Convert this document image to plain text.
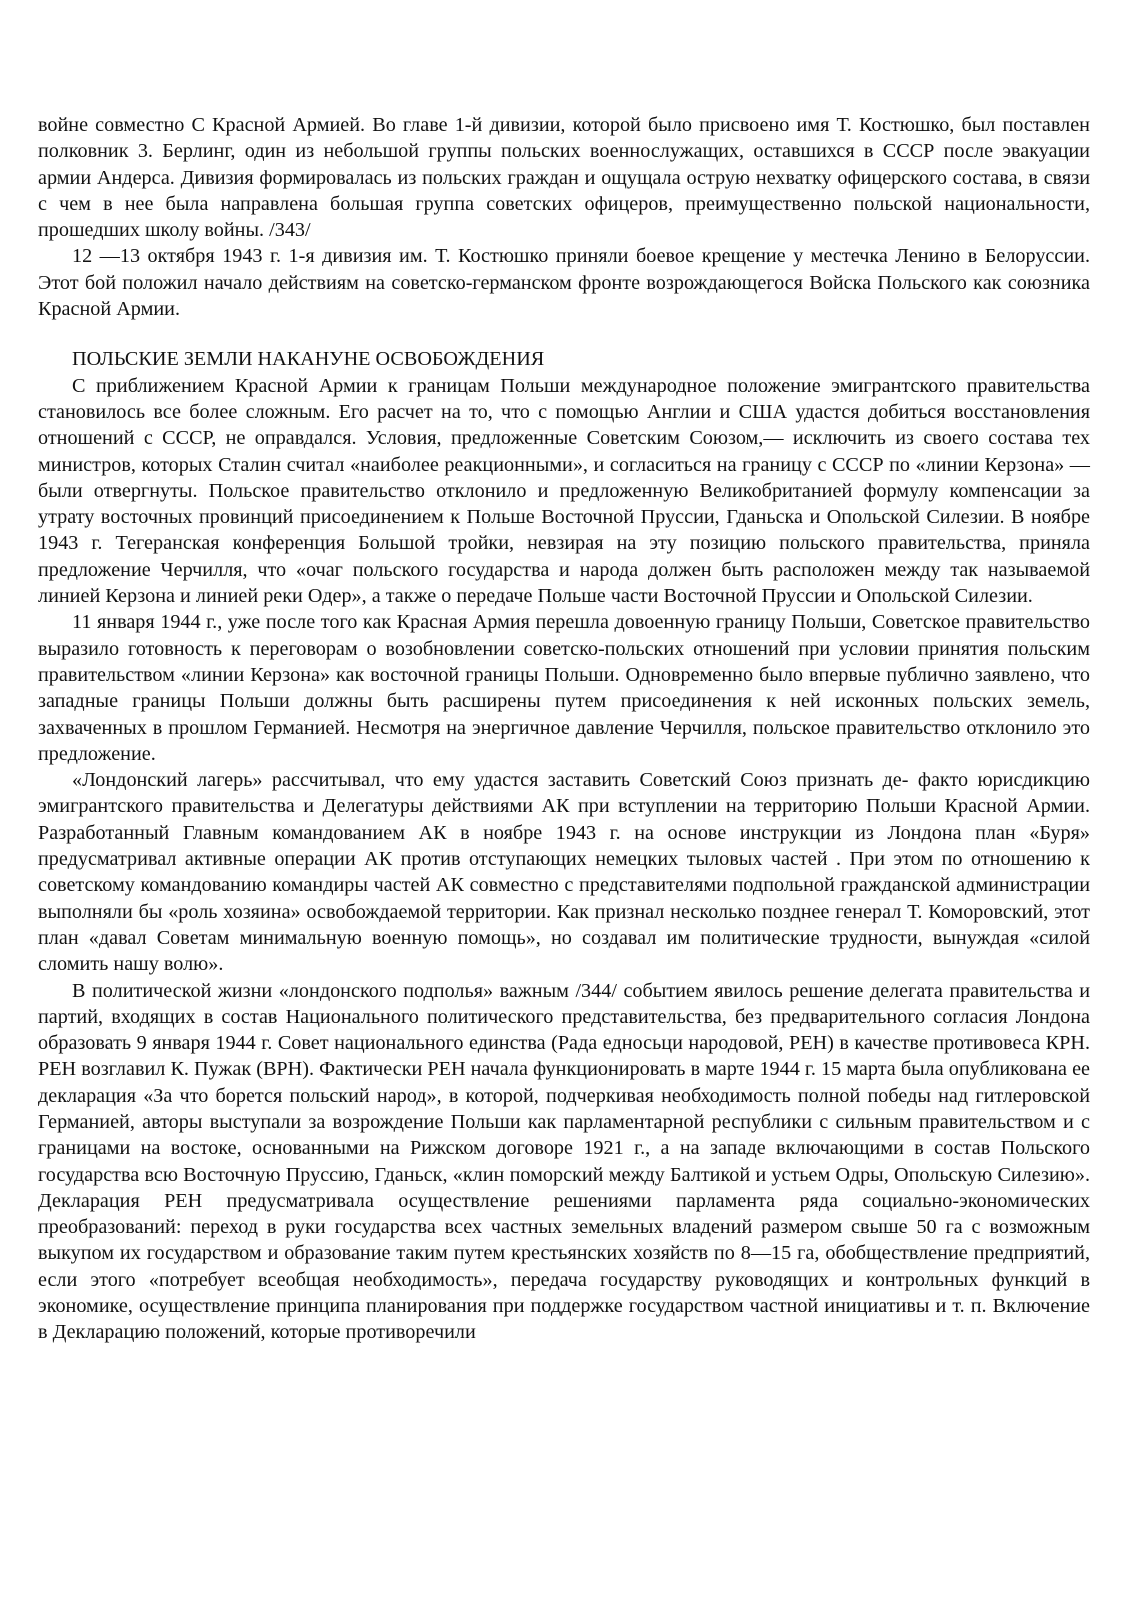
войне совместно С Красной Армией. Во главе 1-й дивизии, которой было присвоено имя Т. Костюшко, был поставлен полковник 3. Берлинг, один из небольшой группы польских военнослужащих, оставшихся в СССР после эвакуации армии Андерса. Дивизия формировалась из польских граждан и ощущала острую нехватку офицерского состава, в связи с чем в нее была направлена большая группа советских офицеров, преимущественно польской национальности, прошедших школу войны. /343/

12 —13 октября 1943 г. 1-я дивизия им. Т. Костюшко приняли боевое крещение у местечка Ленино в Белоруссии. Этот бой положил начало действиям на советско-германском фронте возрождающегося Войска Польского как союзника Красной Армии.

ПОЛЬСКИЕ ЗЕМЛИ НАКАНУНЕ ОСВОБОЖДЕНИЯ

С приближением Красной Армии к границам Польши международное положение эмигрантского правительства становилось все более сложным. Его расчет на то, что с помощью Англии и США удастся добиться восстановления отношений с СССР, не оправдался. Условия, предложенные Советским Союзом,— исключить из своего состава тех министров, которых Сталин считал «наиболее реакционными», и согласиться на границу с СССР по «линии Керзона» — были отвергнуты. Польское правительство отклонило и предложенную Великобританией формулу компенсации за утрату восточных провинций присоединением к Польше Восточной Пруссии, Гданьска и Опольской Силезии. В ноябре 1943 г. Тегеранская конференция Большой тройки, невзирая на эту позицию польского правительства, приняла предложение Черчилля, что «очаг польского государства и народа должен быть расположен между так называемой линией Керзона и линией реки Одер», а также о передаче Польше части Восточной Пруссии и Опольской Силезии.

11 января 1944 г., уже после того как Красная Армия перешла довоенную границу Польши, Советское правительство выразило готовность к переговорам о возобновлении советско-польских отношений при условии принятия польским правительством «линии Керзона» как восточной границы Польши. Одновременно было впервые публично заявлено, что западные границы Польши должны быть расширены путем присоединения к ней исконных польских земель, захваченных в прошлом Германией. Несмотря на энергичное давление Черчилля, польское правительство отклонило это предложение.

«Лондонский лагерь» рассчитывал, что ему удастся заставить Советский Союз признать де- факто юрисдикцию эмигрантского правительства и Делегатуры действиями АК при вступлении на территорию Польши Красной Армии. Разработанный Главным командованием АК в ноябре 1943 г. на основе инструкции из Лондона план «Буря» предусматривал активные операции АК против отступающих немецких тыловых частей . При этом по отношению к советскому командованию командиры частей АК совместно с представителями подпольной гражданской администрации выполняли бы «роль хозяина» освобождаемой территории. Как признал несколько позднее генерал Т. Коморовский, этот план «давал Советам минимальную военную помощь», но создавал им политические трудности, вынуждая «силой сломить нашу волю».

В политической жизни «лондонского подполья» важным /344/ событием явилось решение делегата правительства и партий, входящих в состав Национального политического представительства, без предварительного согласия Лондона образовать 9 января 1944 г. Совет национального единства (Рада едносьци народовой, РЕН) в качестве противовеса КРН. РЕН возглавил К. Пужак (ВРН). Фактически РЕН начала функционировать в марте 1944 г. 15 марта была опубликована ее декларация «За что борется польский народ», в которой, подчеркивая необходимость полной победы над гитлеровской Германией, авторы выступали за возрождение Польши как парламентарной республики с сильным правительством и с границами на востоке, основанными на Рижском договоре 1921 г., а на западе включающими в состав Польского государства всю Восточную Пруссию, Гданьск, «клин поморский между Балтикой и устьем Одры, Опольскую Силезию». Декларация РЕН предусматривала осуществление решениями парламента ряда социально-экономических преобразований: переход в руки государства всех частных земельных владений размером свыше 50 га с возможным выкупом их государством и образование таким путем крестьянских хозяйств по 8—15 га, обобществление предприятий, если этого «потребует всеобщая необходимость», передача государству руководящих и контрольных функций в экономике, осуществление принципа планирования при поддержке государством частной инициативы и т. п. Включение в Декларацию положений, которые противоречили
